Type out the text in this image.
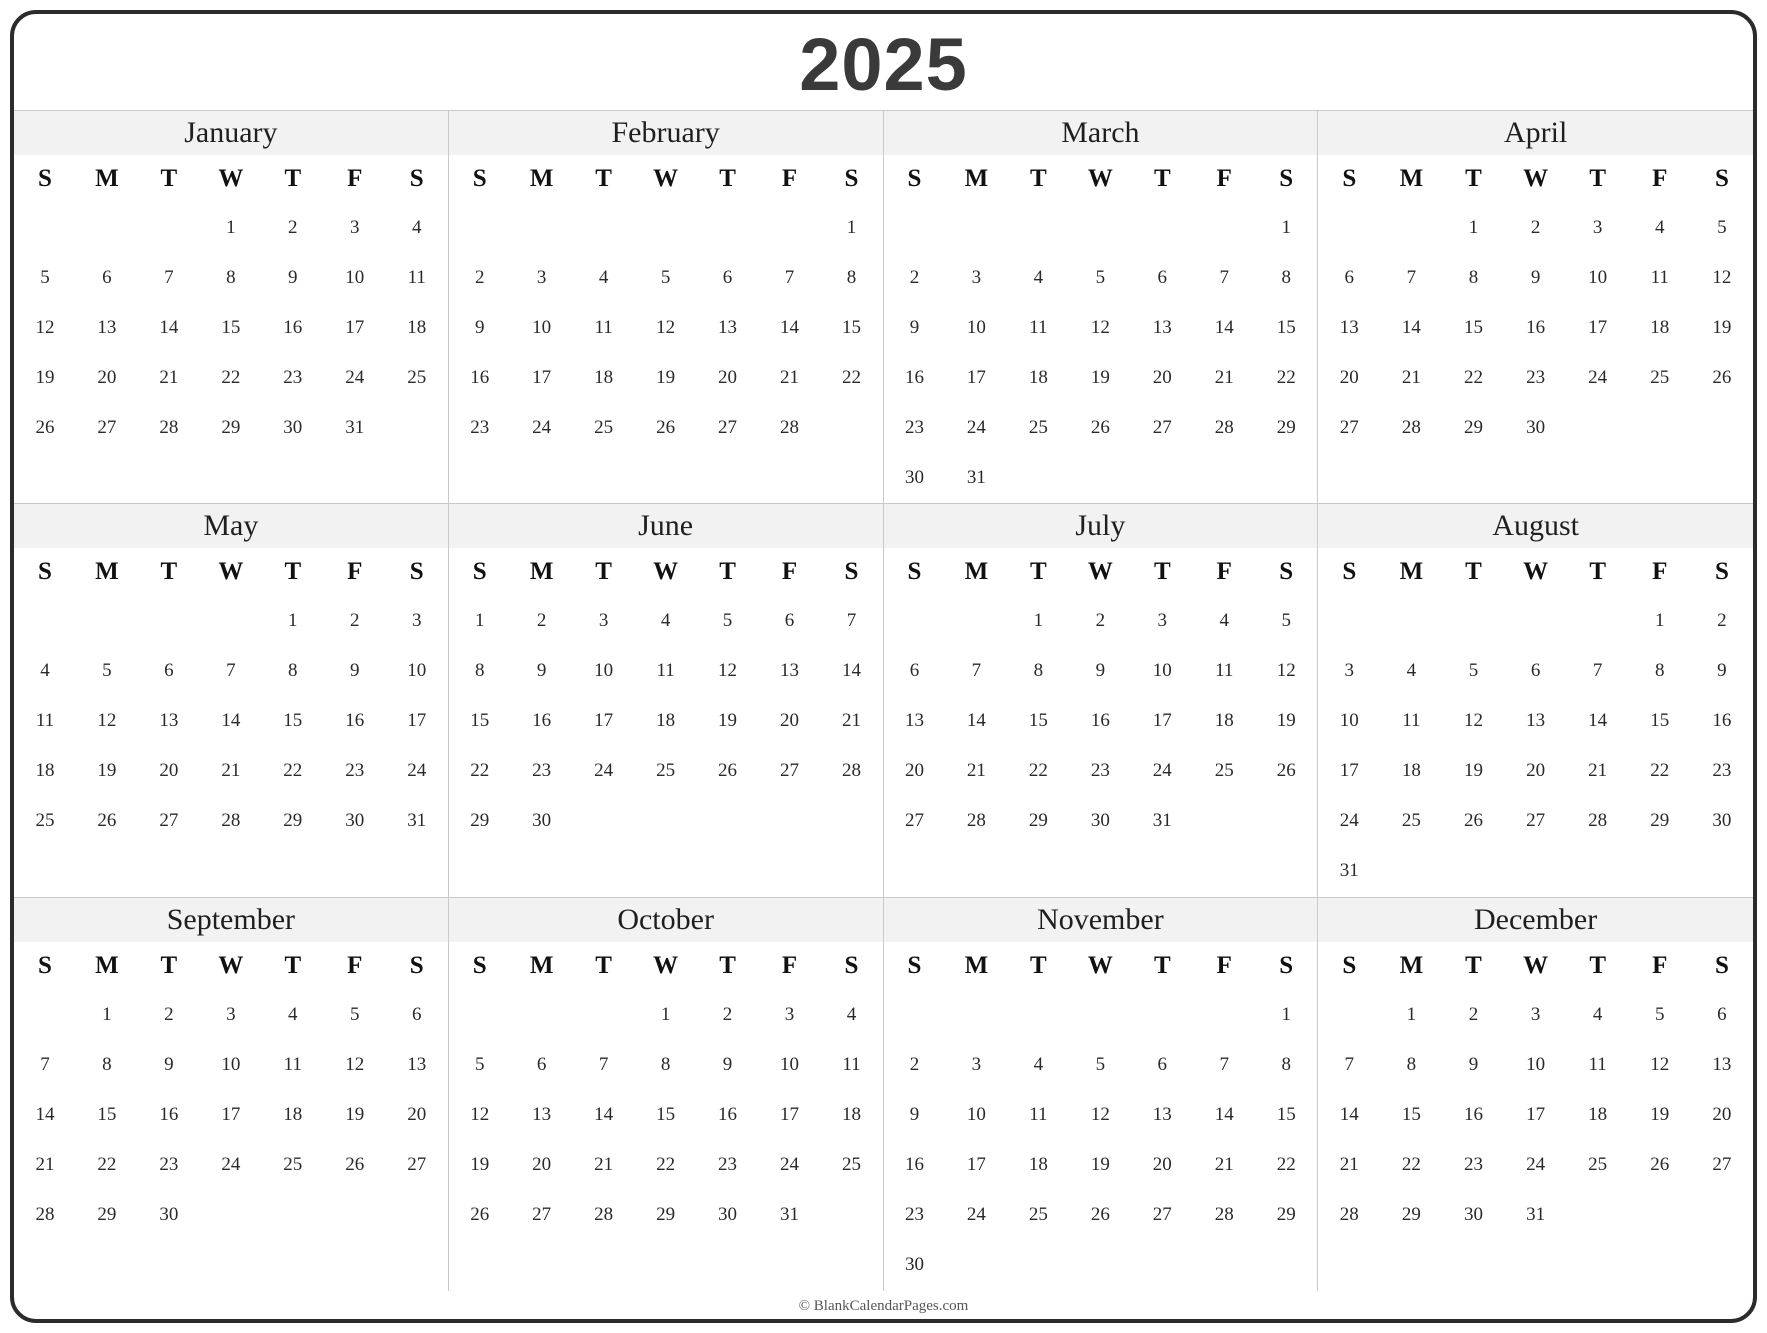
2025
January
S	M	T	W	T	F	S
			1	2	3	4
5	6	7	8	9	10	11
12	13	14	15	16	17	18
19	20	21	22	23	24	25
26	27	28	29	30	31	
February
S	M	T	W	T	F	S
						1
2	3	4	5	6	7	8
9	10	11	12	13	14	15
16	17	18	19	20	21	22
23	24	25	26	27	28	
March
S	M	T	W	T	F	S
						1
2	3	4	5	6	7	8
9	10	11	12	13	14	15
16	17	18	19	20	21	22
23	24	25	26	27	28	29
30	31					
April
S	M	T	W	T	F	S
		1	2	3	4	5
6	7	8	9	10	11	12
13	14	15	16	17	18	19
20	21	22	23	24	25	26
27	28	29	30			
May
S	M	T	W	T	F	S
				1	2	3
4	5	6	7	8	9	10
11	12	13	14	15	16	17
18	19	20	21	22	23	24
25	26	27	28	29	30	31
June
S	M	T	W	T	F	S
1	2	3	4	5	6	7
8	9	10	11	12	13	14
15	16	17	18	19	20	21
22	23	24	25	26	27	28
29	30					
July
S	M	T	W	T	F	S
		1	2	3	4	5
6	7	8	9	10	11	12
13	14	15	16	17	18	19
20	21	22	23	24	25	26
27	28	29	30	31		
August
S	M	T	W	T	F	S
					1	2
3	4	5	6	7	8	9
10	11	12	13	14	15	16
17	18	19	20	21	22	23
24	25	26	27	28	29	30
31						
September
S	M	T	W	T	F	S
	1	2	3	4	5	6
7	8	9	10	11	12	13
14	15	16	17	18	19	20
21	22	23	24	25	26	27
28	29	30				
October
S	M	T	W	T	F	S
			1	2	3	4
5	6	7	8	9	10	11
12	13	14	15	16	17	18
19	20	21	22	23	24	25
26	27	28	29	30	31	
November
S	M	T	W	T	F	S
						1
2	3	4	5	6	7	8
9	10	11	12	13	14	15
16	17	18	19	20	21	22
23	24	25	26	27	28	29
30						
December
S	M	T	W	T	F	S
	1	2	3	4	5	6
7	8	9	10	11	12	13
14	15	16	17	18	19	20
21	22	23	24	25	26	27
28	29	30	31			
© BlankCalendarPages.com
